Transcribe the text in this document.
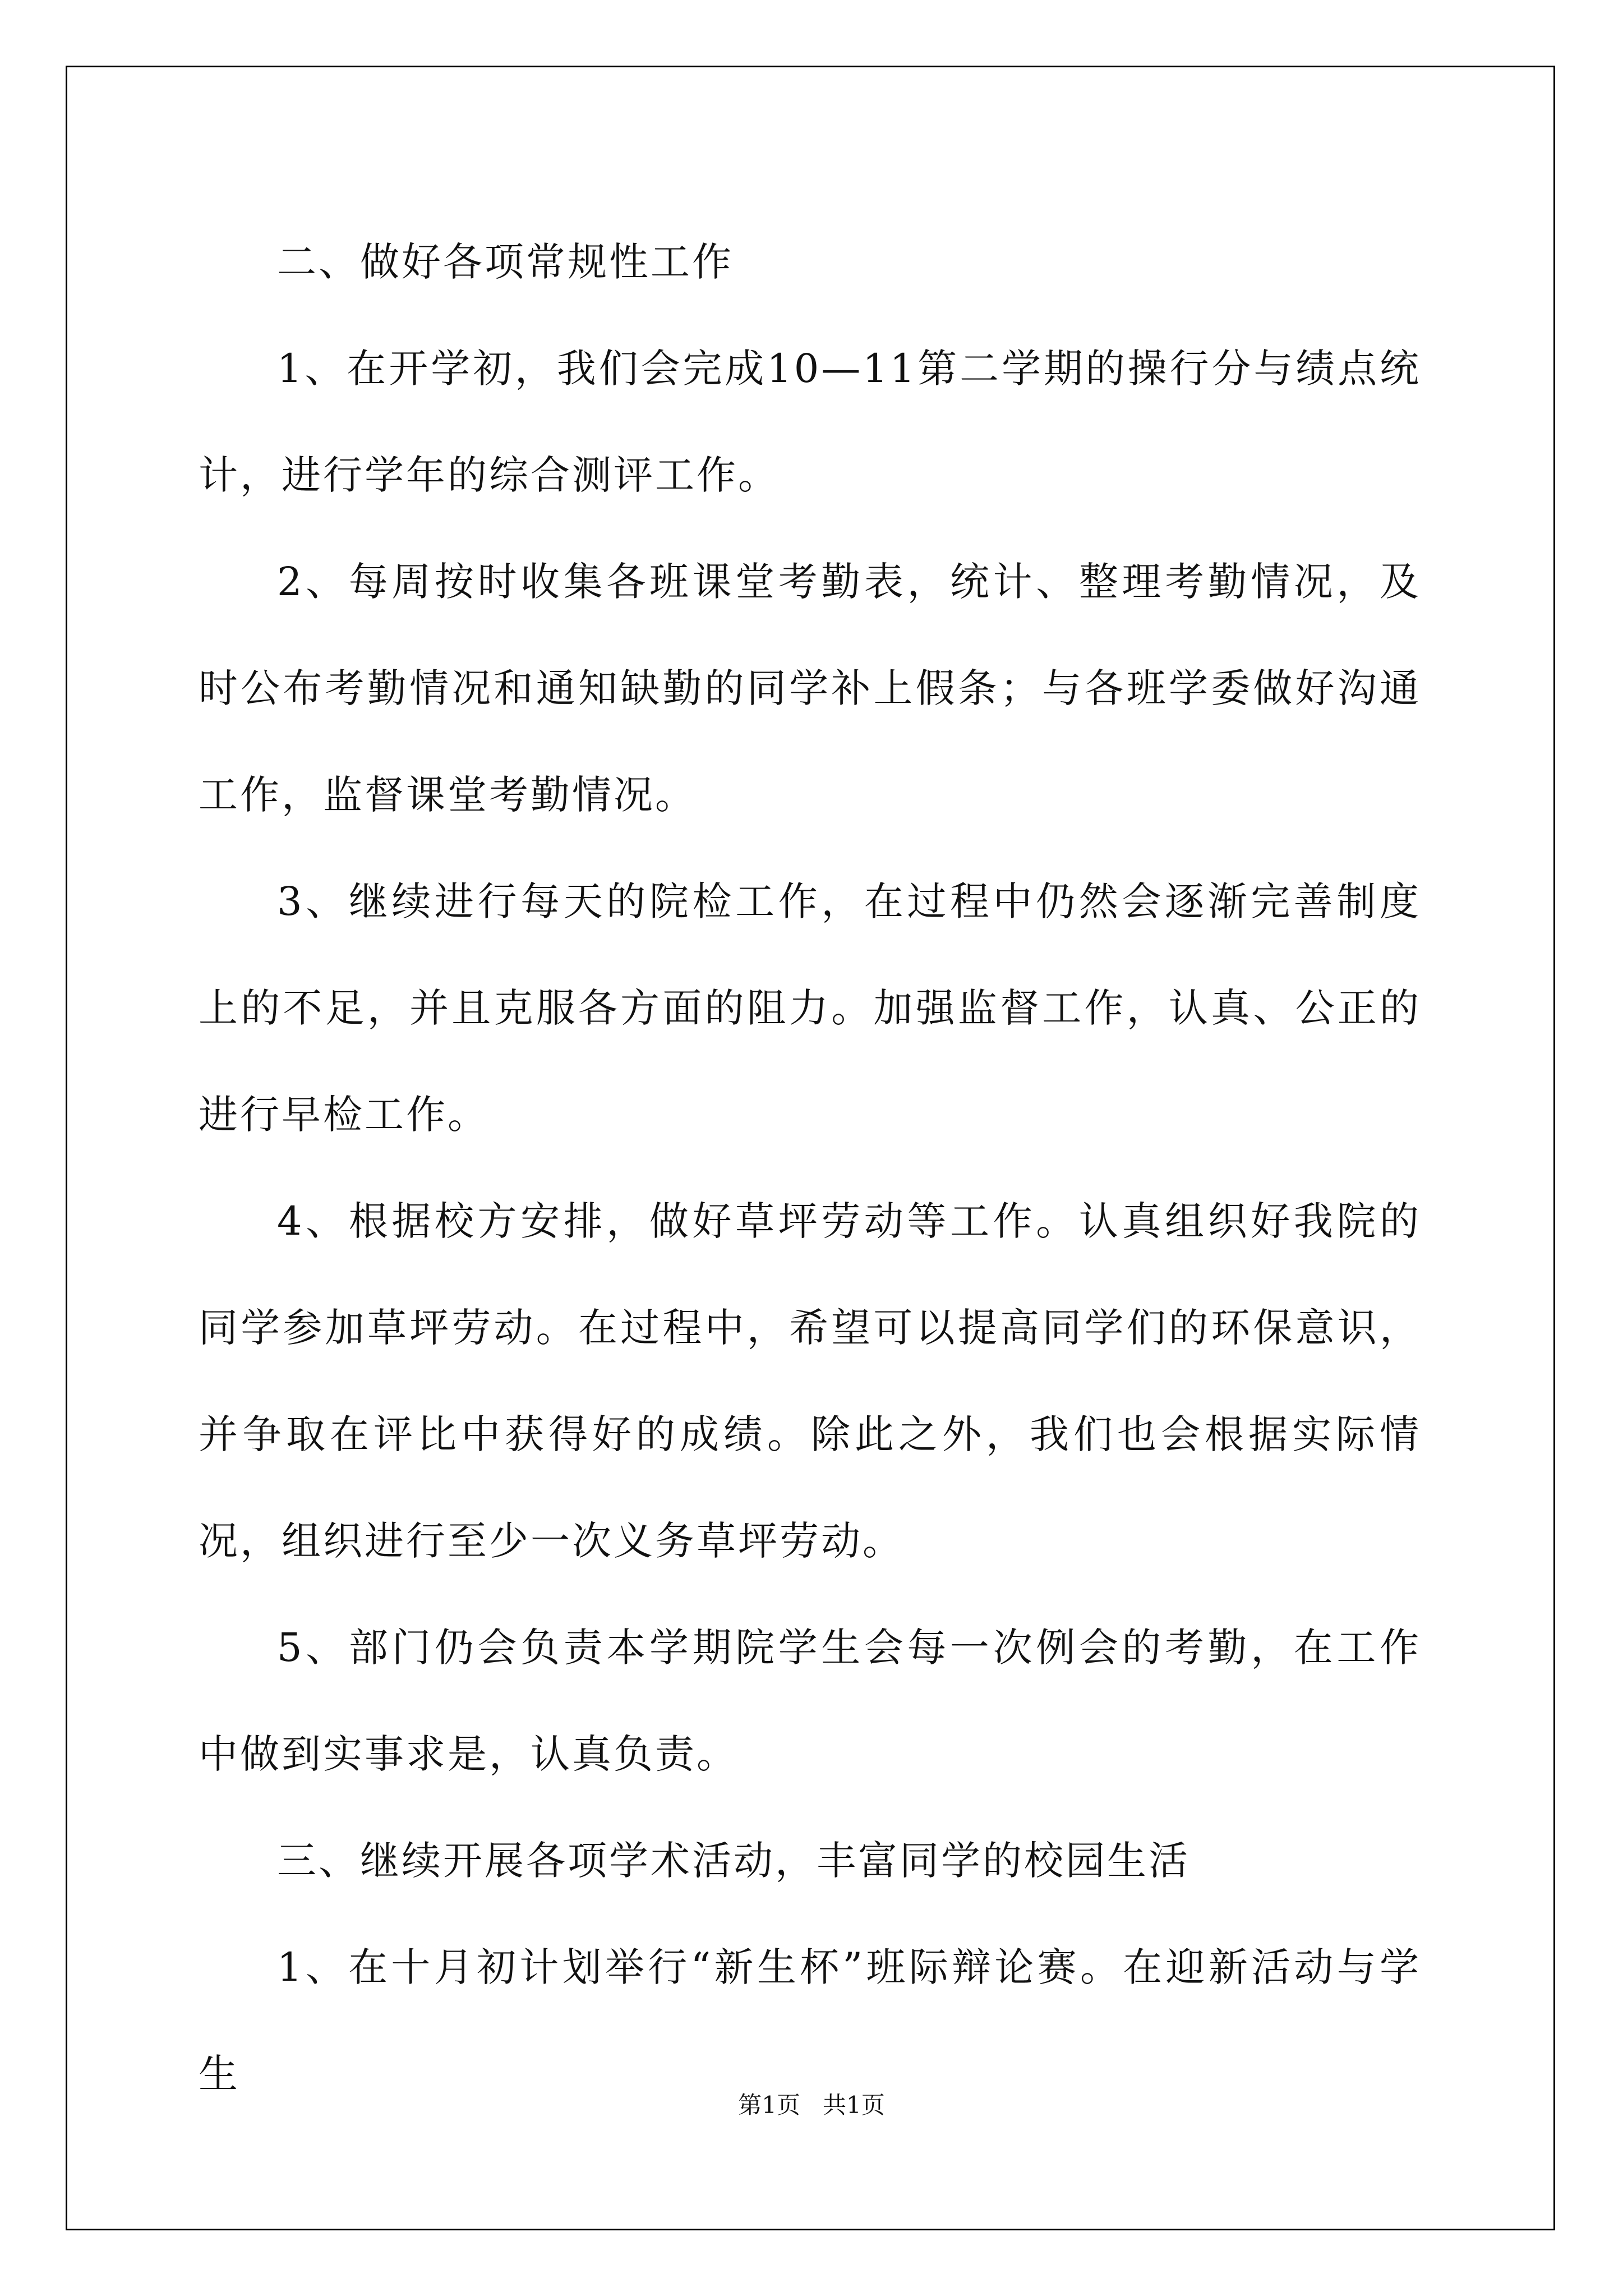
二、做好各项常规性工作

1、在开学初，我们会完成10—11第二学期的操行分与绩点统计，进行学年的综合测评工作。

2、每周按时收集各班课堂考勤表，统计、整理考勤情况，及时公布考勤情况和通知缺勤的同学补上假条；与各班学委做好沟通工作，监督课堂考勤情况。

3、继续进行每天的院检工作，在过程中仍然会逐渐完善制度上的不足，并且克服各方面的阻力。加强监督工作，认真、公正的进行早检工作。

4、根据校方安排，做好草坪劳动等工作。认真组织好我院的同学参加草坪劳动。在过程中，希望可以提高同学们的环保意识，并争取在评比中获得好的成绩。除此之外，我们也会根据实际情况，组织进行至少一次义务草坪劳动。

5、部门仍会负责本学期院学生会每一次例会的考勤，在工作中做到实事求是，认真负责。

三、继续开展各项学术活动，丰富同学的校园生活

1、在十月初计划举行“新生杯”班际辩论赛。在迎新活动与学生

第1页 共1页
